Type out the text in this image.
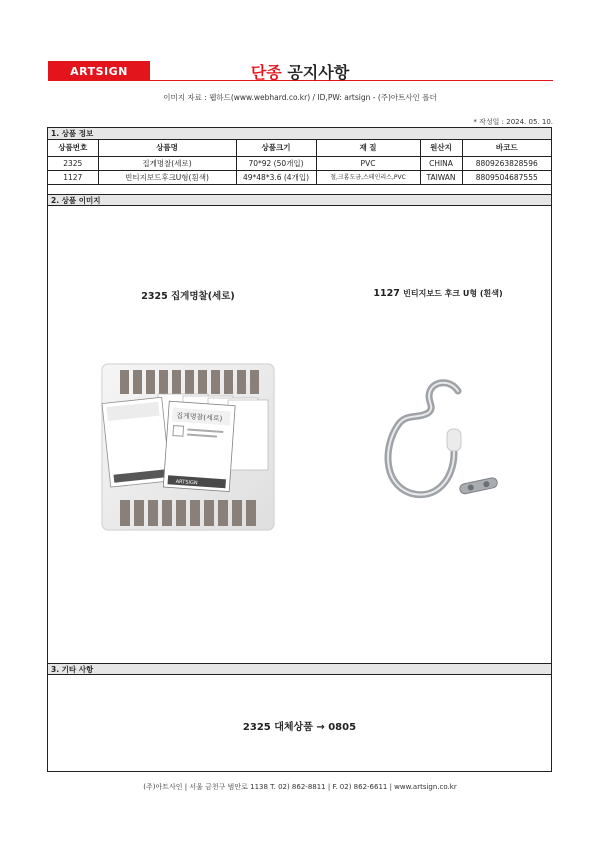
ARTSIGN	단종 공지사항
이미지 자료 : 웹하드(www.webhard.co.kr) / ID,PW: artsign - (주)아트사인 폴더
* 작성일 : 2024. 05. 10.
1. 상품 정보
상품번호	상품명	상품크기	재 질	원산지	바코드
2325	집게명찰(세로)	70*92 (50개입)	PVC	CHINA	8809263828596
1127	빈티지보드후크U형(흰색)	49*48*3.6 (4개입)	철,크롬도금,스테인리스,PVC	TAIWAN	8809504687555
2. 상품 이미지
2325 집게명찰(세로)	1127 빈티지보드 후크 U형 (흰색)
집게명찰(세로)
ARTSIGN
3. 기타 사항
2325 대체상품 → 0805
(주)아트사인 | 서울 금천구 범안로 1138 T. 02) 862-8811 | F. 02) 862-6611 | www.artsign.co.kr
